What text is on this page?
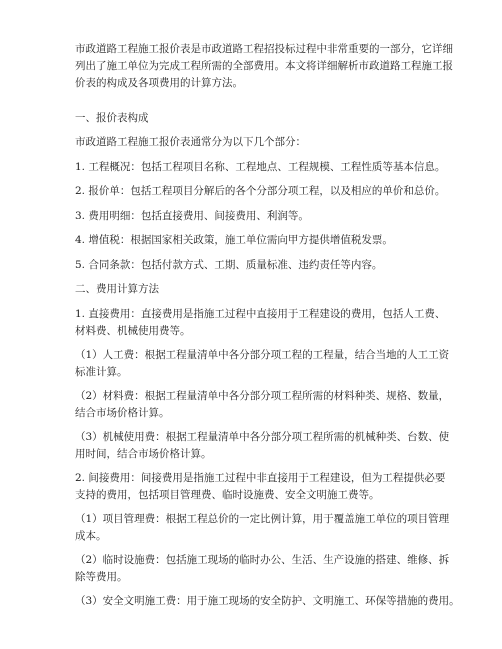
市政道路工程施工报价表是市政道路工程招投标过程中非常重要的一部分，它详细
列出了施工单位为完成工程所需的全部费用。本文将详细解析市政道路工程施工报
价表的构成及各项费用的计算方法。
一、报价表构成
市政道路工程施工报价表通常分为以下几个部分：
1. 工程概况：包括工程项目名称、工程地点、工程规模、工程性质等基本信息。
2. 报价单：包括工程项目分解后的各个分部分项工程，以及相应的单价和总价。
3. 费用明细：包括直接费用、间接费用、利润等。
4. 增值税：根据国家相关政策，施工单位需向甲方提供增值税发票。
5. 合同条款：包括付款方式、工期、质量标准、违约责任等内容。
二、费用计算方法
1. 直接费用：直接费用是指施工过程中直接用于工程建设的费用，包括人工费、
材料费、机械使用费等。
（1）人工费：根据工程量清单中各分部分项工程的工程量，结合当地的人工工资
标准计算。
（2）材料费：根据工程量清单中各分部分项工程所需的材料种类、规格、数量，
结合市场价格计算。
（3）机械使用费：根据工程量清单中各分部分项工程所需的机械种类、台数、使
用时间，结合市场价格计算。
2. 间接费用：间接费用是指施工过程中非直接用于工程建设，但为工程提供必要
支持的费用，包括项目管理费、临时设施费、安全文明施工费等。
（1）项目管理费：根据工程总价的一定比例计算，用于覆盖施工单位的项目管理
成本。
（2）临时设施费：包括施工现场的临时办公、生活、生产设施的搭建、维修、拆
除等费用。
（3）安全文明施工费：用于施工现场的安全防护、文明施工、环保等措施的费用。
